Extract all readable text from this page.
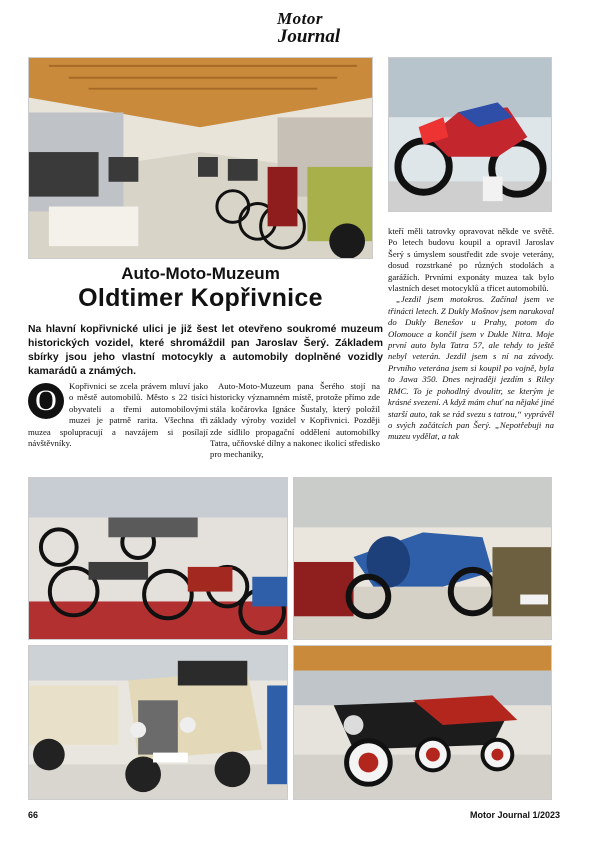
Motor
Journal
Auto-Moto-Muzeum
Oldtimer Kopřivnice
Na hlavní kopřivnické ulici je již šest let otevřeno soukromé muzeum historických vozidel, které shromáždil pan Jaroslav Šerý. Základem sbírky jsou jeho vlastní motocykly a automobily doplněné vozidly kamarádů a známých.
O	Kopřivnici se zcela právem mluví jako o městě automobilů. Město s 22 tisíci obyvateli a třemi automobilovými muzei je patrně rarita. Všechna tři muzea spolupracují a navzájem si posílají návštěvníky.

Auto-Moto-Muzeum pana Šerého stojí na historicky významném místě, protože přímo zde stála kočárovka Ignáce Šustaly, který položil základy výroby vozidel v Kopřivnici. Později zde sídlilo propagační oddělení automobilky Tatra, učňovské dílny a nakonec ikolicí středisko pro mechaniky,

kteří měli tatrovky opravovat někde ve světě. Po letech budovu koupil a opravil Jaroslav Šerý s úmyslem soustředit zde svoje veterány, dosud rozstrkané po různých stodolách a garážích. Prvními exponáty muzea tak bylo vlastních deset motocyklů a třicet automobilů.

„Jezdil jsem motokros. Začínal jsem ve třinácti letech. Z Dukly Mošnov jsem narukoval do Dukly Benešov u Prahy, potom do Olomouce a končil jsem v Dukle Nitra. Moje první auto byla Tatra 57, ale tehdy to ještě nebyl veterán. Jezdil jsem s ní na závody. Prvního veterána jsem si koupil po vojně, byla to Jawa 350. Dnes nejraději jezdím s Riley RMC. To je pohodlný dvoulitr, se kterým je krásné svezení. A když mám chuť na nějaké jiné starší auto, tak se rád svezu s tatrou,“ vyprávěl o svých začátcích pan Šerý. „Nepotřebuji na muzeu vydělat, a tak

66	Motor Journal 1/2023
